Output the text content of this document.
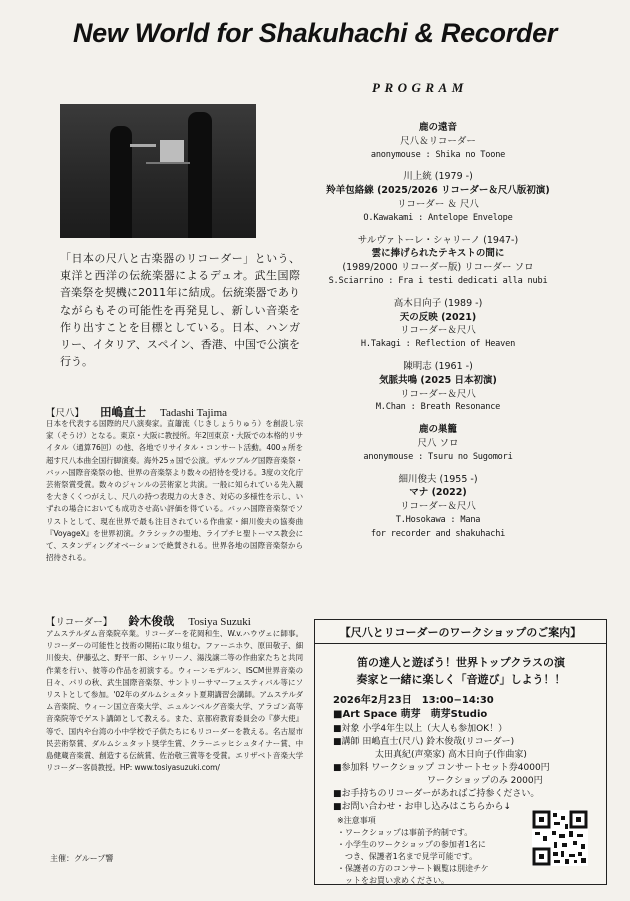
New World for Shakuhachi & Recorder

「日本の尺八と古楽器のリコーダー」という、東洋と西洋の伝統楽器によるデュオ。武生国際音楽祭を契機に2011年に結成。伝統楽器でありながらもその可能性を再発見し、新しい音楽を作り出すことを目標としている。日本、ハンガリー、イタリア、スペイン、香港、中国で公演を行う。

【尺八】 田嶋直士 Tadashi Tajima

日本を代表する国際的尺八演奏家。直簫流（じきしょうりゅう）を創設し宗家（そうけ）となる。東京・大阪に教授所。年2回東京・大阪での本格的リサイタル（通算76回）の他、各地でリサイタル・コンサート活動。400ヵ所を超す尺八本曲全国行脚演奏。海外25ヵ国で公演。ザルツブルグ国際音楽祭・バッハ国際音楽祭の他、世界の音楽祭より数々の招待を受ける。3度の文化庁芸術祭賞受賞。数々のジャンルの芸術家と共演。一般に知られている先入観を大きくくつがえし、尺八の持つ表現力の大きさ、対応の多様性を示し、いずれの場合においても成功させ高い評価を得ている。バッハ国際音楽祭でソリストとして、現在世界で最も注目されている作曲家・細川俊夫の協奏曲『VoyageX』を世界初演。クラシックの聖地、ライプチヒ聖トーマス教会にて、スタンディングオベーションで絶賛される。世界各地の国際音楽祭から招待される。

【リコーダー】 鈴木俊哉 Tosiya Suzuki

アムステルダム音楽院卒業。リコーダーを花岡和生、W.v.ハウヴェに師事。リコーダーの可能性と技術の開拓に取り組む。ファーニホウ、原田敬子、細川俊夫、伊藤弘之、野平一郎、シャリーノ、湯浅譲二等の作曲家たちと共同作業を行い、彼等の作品を初演する。ウィーンモデルン、ISCM世界音楽の日々、パリの秋、武生国際音楽祭、サントリーサマーフェスティバル等にソリストとして参加。'02年のダルムシュタット夏期講習会講師。アムステルダム音楽院、ウィーン国立音楽大学、ニュルンベルグ音楽大学、アラゴン高等音楽院等でゲスト講師として教える。また、京都府教育委員会の『夢大使』等で、国内や台湾の小中学校で子供たちにもリコーダーを教える。名古屋市民芸術祭賞、ダルムシュタット奨学生賞、クラーニッヒシュタイナー賞、中島健蔵音楽賞、創造する伝統賞、佐治敬三賞等を受賞。エリザベト音楽大学リコーダー客員教授。HP: www.tosiyasuzuki.com/

主催：グループ響
PROGRAM
鹿の遠音
尺八＆リコーダー
anonymouse : Shika no Toone
川上統 (1979 -)
羚羊包絡線 (2025/2026 リコーダー＆尺八版初演)
リコーダー ＆ 尺八
O.Kawakami : Antelope Envelope
サルヴァトーレ・シャリーノ (1947-)
雲に捧げられたテキストの間に
(1989/2000 リコーダー版) リコーダー ソロ
S.Sciarrino : Fra i testi dedicati alla nubi
高木日向子 (1989 -)
天の反映 (2021)
リコーダー＆尺八
H.Takagi : Reflection of Heaven
陳明志 (1961 -)
気脈共鳴 (2025 日本初演)
リコーダー＆尺八
M.Chan : Breath Resonance
鹿の巣籠
尺八 ソロ
anonymouse : Tsuru no Sugomori
細川俊夫 (1955 -)
マナ (2022)
リコーダー＆尺八
T.Hosokawa : Mana
for recorder and shakuhachi
【尺八とリコーダーのワークショップのご案内】
笛の達人と遊ぼう！世界トップクラスの演
奏家と一緒に楽しく「音遊び」しよう！！
2026年2月23日　13:00−14:30
■Art Space 萌芽　萌芽Studio
■対象 小学4年生以上（大人も参加OK！）
■講師 田嶋直士(尺八) 鈴木俊哉(リコーダー)
太田真紀(声楽家) 高木日向子(作曲家)
■参加料 ワークショップ コンサートセット券4000円
ワークショップのみ 2000円
■お手持ちのリコーダーがあればご持参ください。
■お問い合わせ・お申し込みはこちらから↓
※注意事項
・ワークショップは事前予約制です。
・小学生のワークショップの参加者1名に
つき、保護者1名まで見学可能です。
・保護者の方のコンサート観覧は別途チケ
ットをお買い求めください。
